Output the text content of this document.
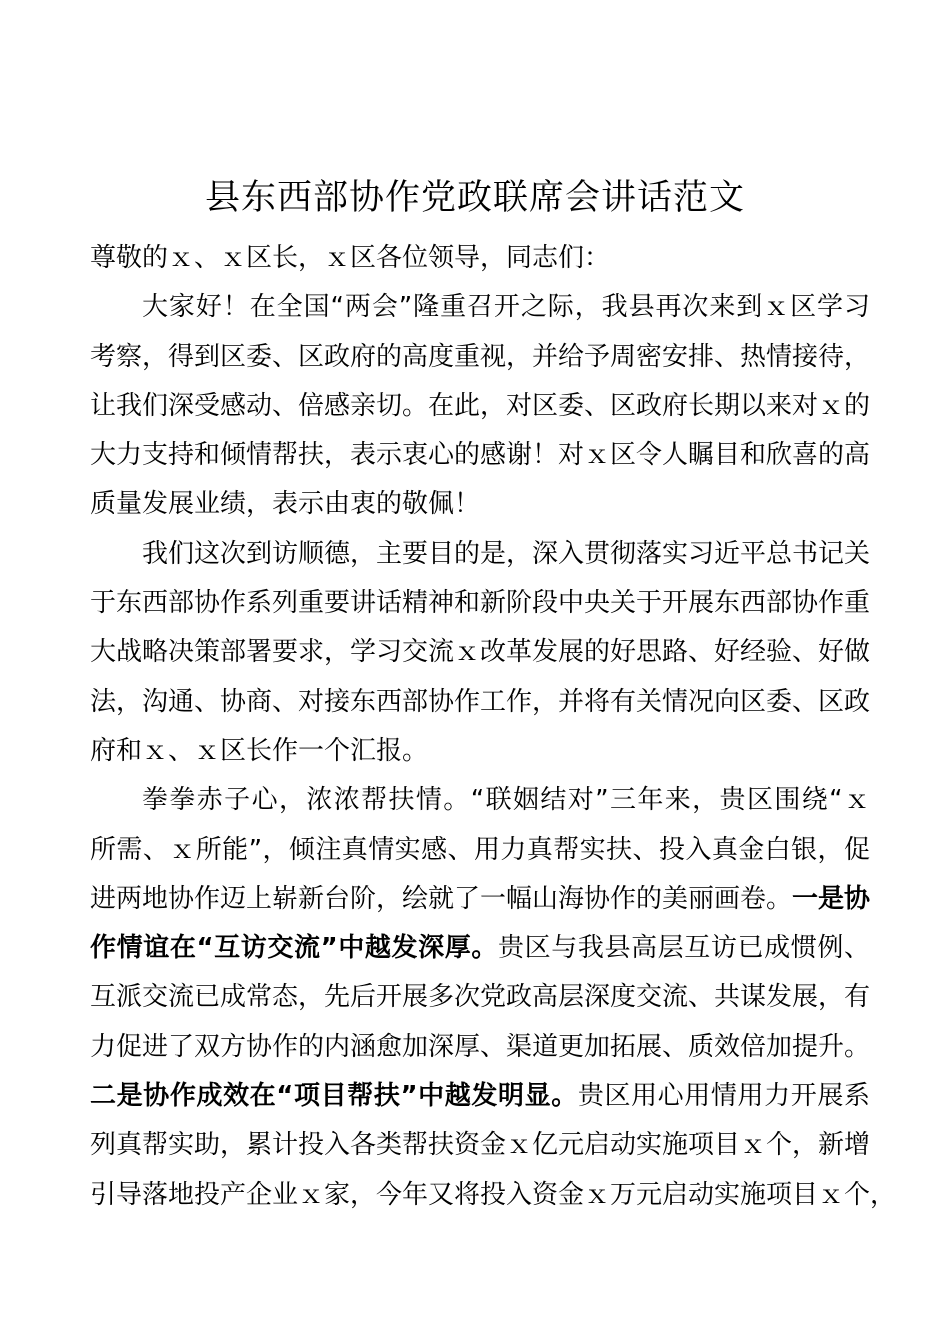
县东西部协作党政联席会讲话范文
尊敬的ｘ、ｘ区长，ｘ区各位领导，同志们：
大家好！在全国“两会”隆重召开之际，我县再次来到ｘ区学习
考察，得到区委、区政府的高度重视，并给予周密安排、热情接待，
让我们深受感动、倍感亲切。在此，对区委、区政府长期以来对ｘ的
大力支持和倾情帮扶，表示衷心的感谢！对ｘ区令人瞩目和欣喜的高
质量发展业绩，表示由衷的敬佩！
我们这次到访顺德，主要目的是，深入贯彻落实习近平总书记关
于东西部协作系列重要讲话精神和新阶段中央关于开展东西部协作重
大战略决策部署要求，学习交流ｘ改革发展的好思路、好经验、好做
法，沟通、协商、对接东西部协作工作，并将有关情况向区委、区政
府和ｘ、ｘ区长作一个汇报。
拳拳赤子心，浓浓帮扶情。“联姻结对”三年来，贵区围绕“ｘ
所需、ｘ所能”，倾注真情实感、用力真帮实扶、投入真金白银，促
进两地协作迈上崭新台阶，绘就了一幅山海协作的美丽画卷。一是协
作情谊在“互访交流”中越发深厚。贵区与我县高层互访已成惯例、
互派交流已成常态，先后开展多次党政高层深度交流、共谋发展，有
力促进了双方协作的内涵愈加深厚、渠道更加拓展、质效倍加提升。
二是协作成效在“项目帮扶”中越发明显。贵区用心用情用力开展系
列真帮实助，累计投入各类帮扶资金ｘ亿元启动实施项目ｘ个，新增
引导落地投产企业ｘ家，今年又将投入资金ｘ万元启动实施项目ｘ个，
